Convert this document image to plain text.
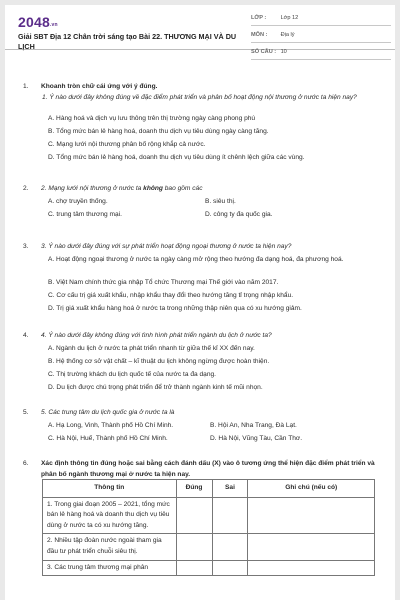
2048.vn
Giải SBT Địa 12 Chân trời sáng tạo Bài 22. THƯƠNG MẠI VÀ DU LỊCH
LỚP :	Lớp 12
MÔN : Địa lý
SỐ CÂU : 10
1. Khoanh tròn chữ cái ứng với ý đúng.
1. Ý nào dưới đây không đúng về đặc điểm phát triển và phân bố hoạt động nội thương ở nước ta hiện nay?
A. Hàng hoá và dịch vụ lưu thông trên thị trường ngày càng phong phú
B. Tổng mức bán lẻ hàng hoá, doanh thu dịch vụ tiêu dùng ngày càng tăng.
C. Mạng lưới nội thương phân bố rộng khắp cả nước.
D. Tổng mức bán lẻ hàng hoá, doanh thu dịch vụ tiêu dùng ít chênh lệch giữa các vùng.
2. 2. Mạng lưới nội thương ở nước ta không bao gồm các
A. chợ truyền thống.	B. siêu thị.
C. trung tâm thương mại.	D. công ty đa quốc gia.
3. 3. Ý nào dưới đây đúng với sự phát triển hoạt động ngoại thương ở nước ta hiện nay?
A. Hoạt động ngoại thương ở nước ta ngày càng mở rộng theo hướng đa dạng hoá, đa phương hoá.
B. Việt Nam chính thức gia nhập Tổ chức Thương mại Thế giới vào năm 2017.
C. Cơ cấu trị giá xuất khẩu, nhập khẩu thay đổi theo hướng tăng tỉ trọng nhập khẩu.
D. Trị giá xuất khẩu hàng hoá ở nước ta trong những thập niên qua có xu hướng giảm.
4. 4. Ý nào dưới đây không đúng với tình hình phát triển ngành du lịch ở nước ta?
A. Ngành du lịch ở nước ta phát triển nhanh từ giữa thế kỉ XX đến nay.
B. Hệ thống cơ sở vật chất – kĩ thuật du lịch không ngừng được hoàn thiện.
C. Thị trường khách du lịch quốc tế của nước ta đa dạng.
D. Du lịch được chú trọng phát triển để trở thành ngành kinh tế mũi nhọn.
5. 5. Các trung tâm du lịch quốc gia ở nước ta là
A. Hạ Long, Vinh, Thành phố Hồ Chí Minh.	B. Hội An, Nha Trang, Đà Lạt.
C. Hà Nội, Huế, Thành phố Hồ Chí Minh.	D. Hà Nội, Vũng Tàu, Cần Thơ.
6. Xác định thông tin đúng hoặc sai bằng cách đánh dấu (X) vào ô tương ứng thể hiện đặc điểm phát triển và phân bố ngành thương mại ở nước ta hiện nay.
Thông tin	Đúng	Sai	Ghi chú (nếu có)
1. Trong giai đoạn 2005 – 2021, tổng mức bán lẻ hàng hoá và doanh thu dịch vụ tiêu dùng ở nước ta có xu hướng tăng.			
2. Nhiều tập đoàn nước ngoài tham gia đầu tư phát triển chuỗi siêu thị.			
3. Các trung tâm thương mại phân			
